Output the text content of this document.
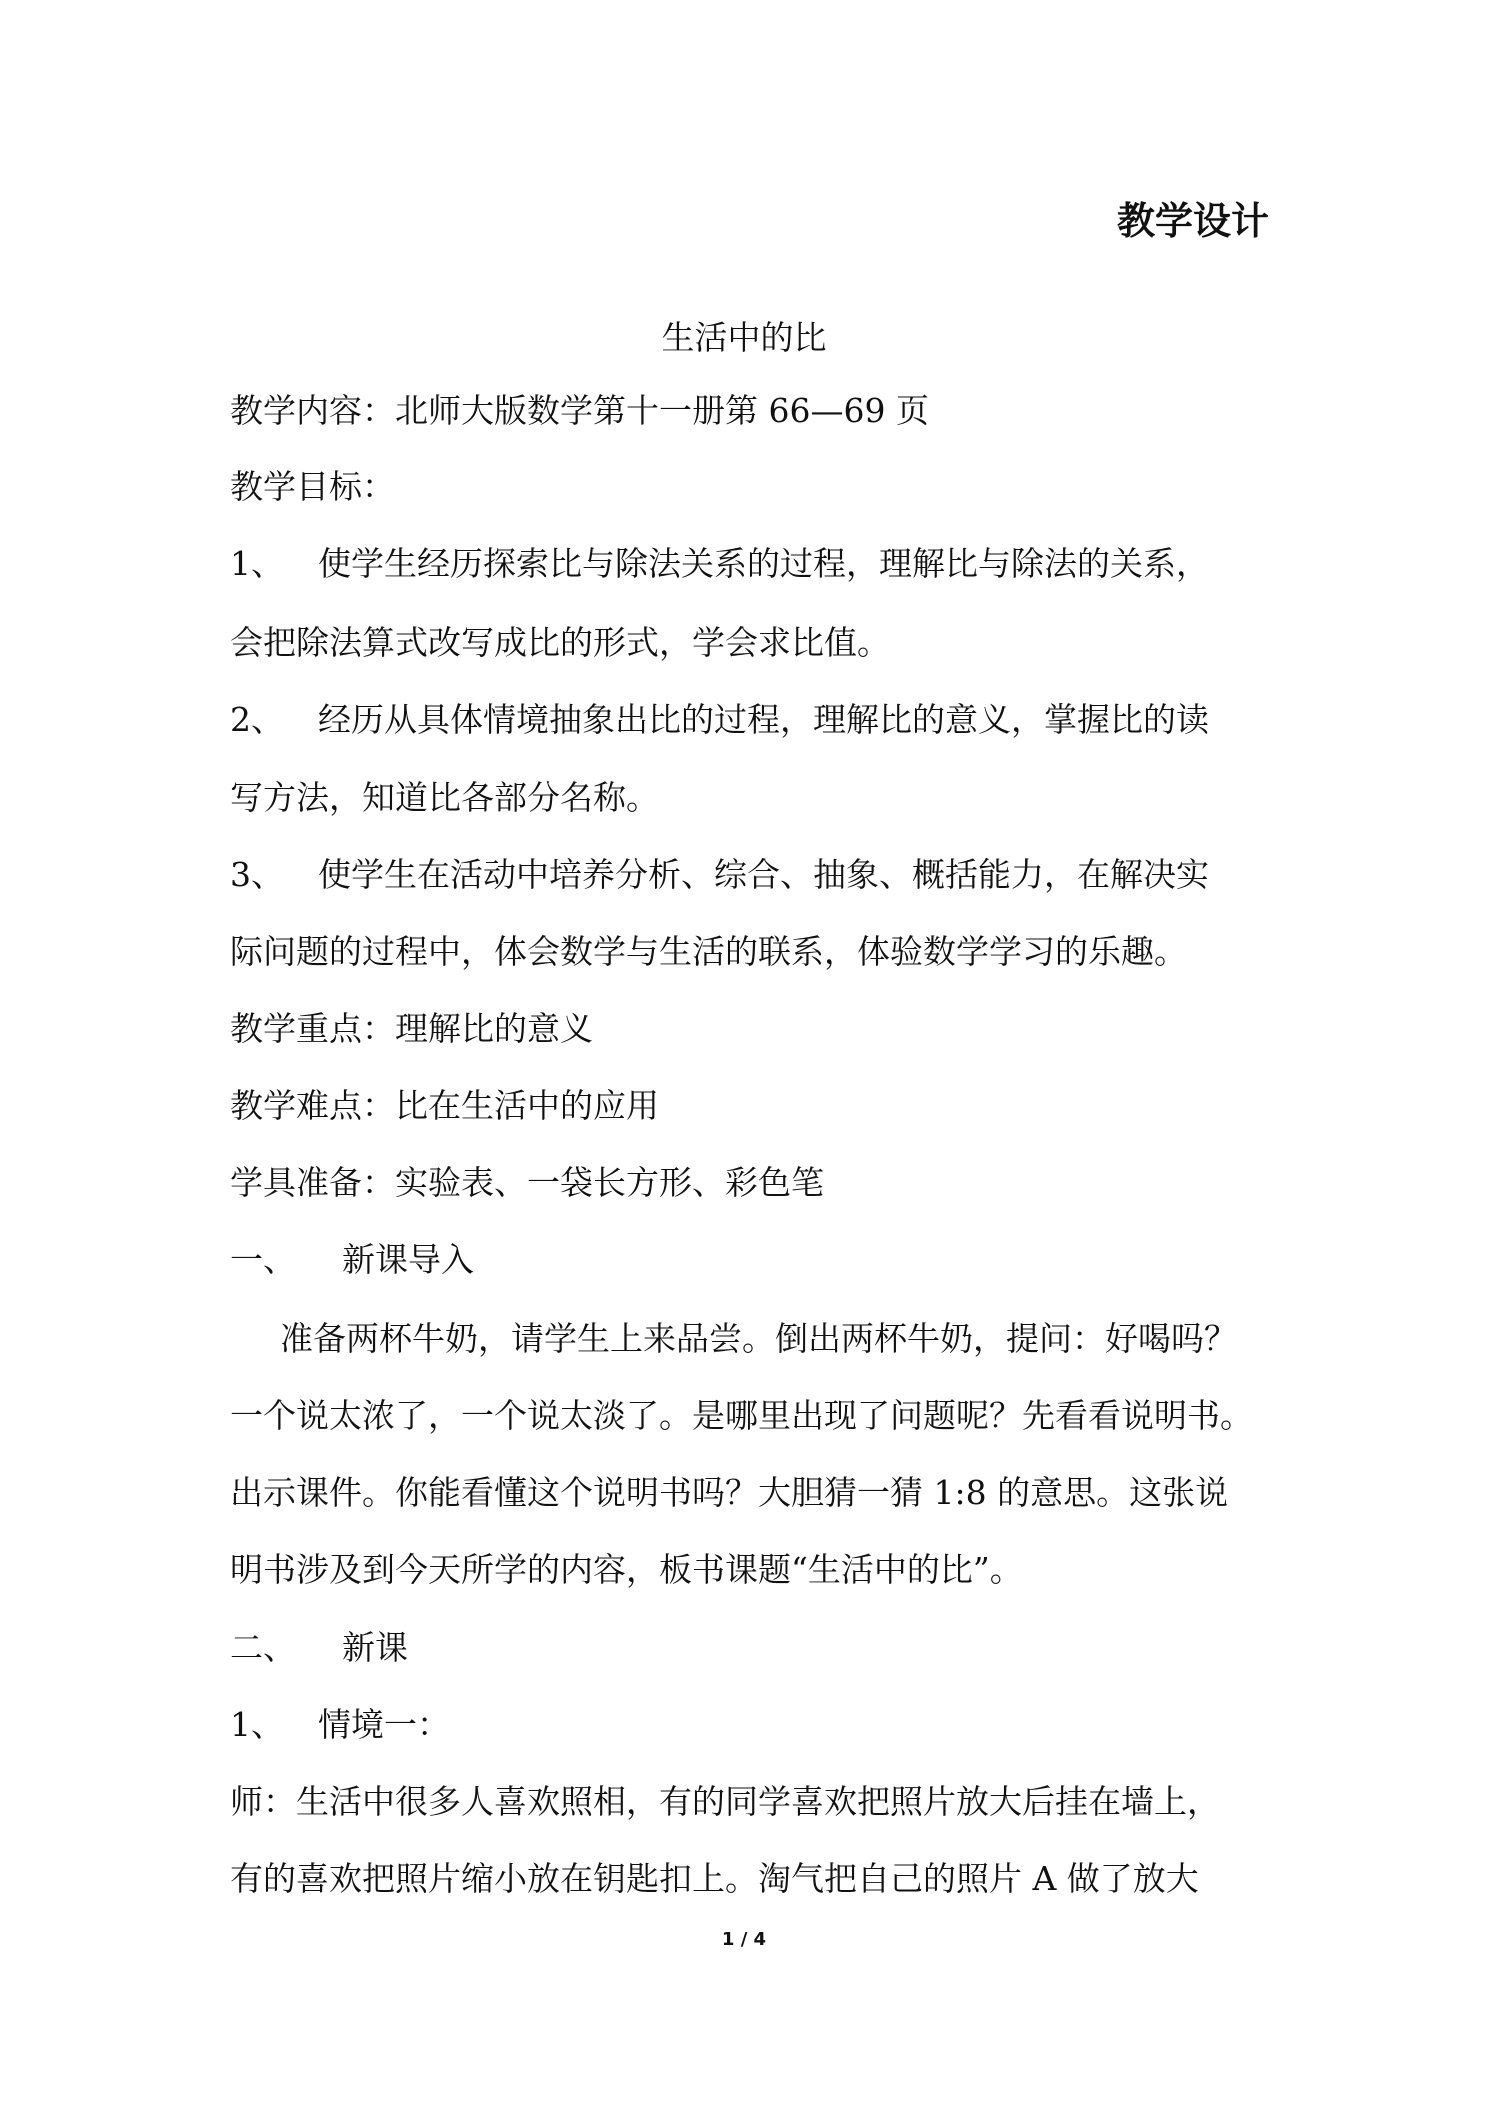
教学设计
生活中的比
教学内容：北师大版数学第十一册第 66—69 页
教学目标：
1、 使学生经历探索比与除法关系的过程，理解比与除法的关系，
会把除法算式改写成比的形式，学会求比值。
2、 经历从具体情境抽象出比的过程，理解比的意义，掌握比的读
写方法，知道比各部分名称。
3、 使学生在活动中培养分析、综合、抽象、概括能力，在解决实
际问题的过程中，体会数学与生活的联系，体验数学学习的乐趣。
教学重点：理解比的意义
教学难点：比在生活中的应用
学具准备：实验表、一袋长方形、彩色笔
一、 新课导入
准备两杯牛奶，请学生上来品尝。倒出两杯牛奶，提问：好喝吗？
一个说太浓了，一个说太淡了。是哪里出现了问题呢？先看看说明书。
出示课件。你能看懂这个说明书吗？大胆猜一猜 1:8 的意思。这张说
明书涉及到今天所学的内容，板书课题“生活中的比”。
二、 新课
1、 情境一：
师：生活中很多人喜欢照相，有的同学喜欢把照片放大后挂在墙上，
有的喜欢把照片缩小放在钥匙扣上。淘气把自己的照片 A 做了放大
1 / 4
